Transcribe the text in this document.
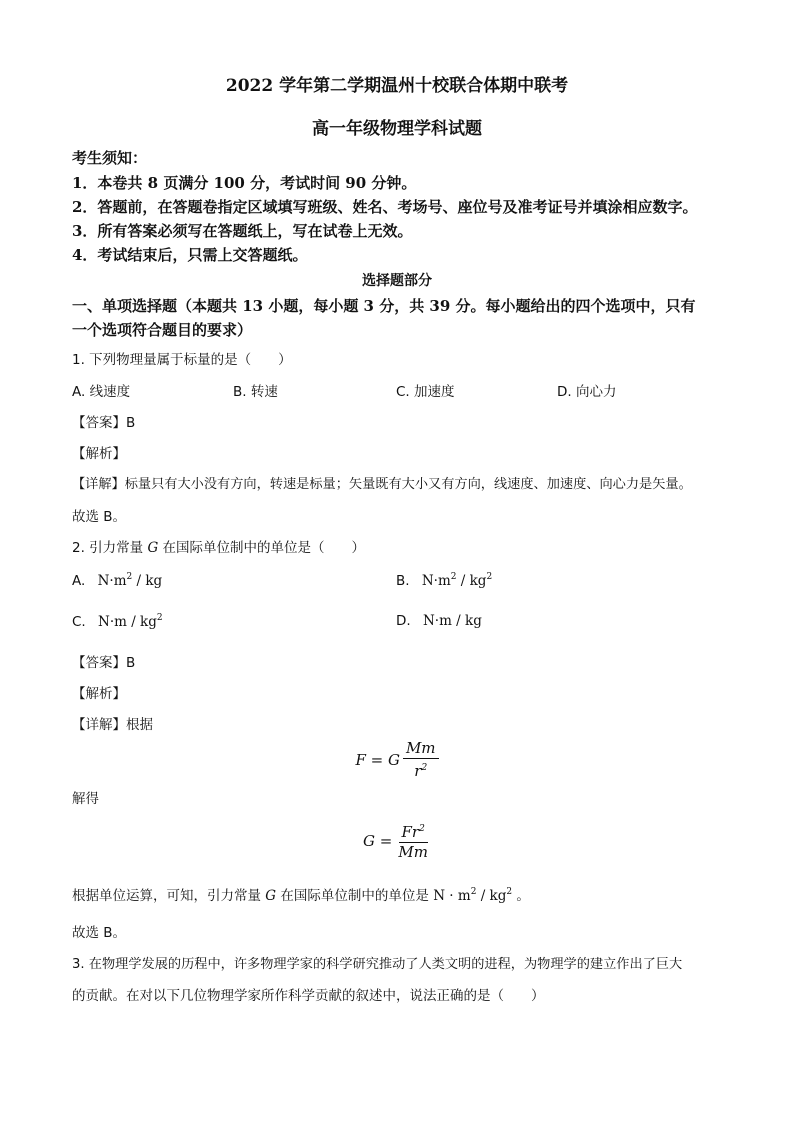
2022 学年第二学期温州十校联合体期中联考
高一年级物理学科试题
考生须知：
1．本卷共 8 页满分 100 分，考试时间 90 分钟。
2．答题前，在答题卷指定区域填写班级、姓名、考场号、座位号及准考证号并填涂相应数字。
3．所有答案必须写在答题纸上，写在试卷上无效。
4．考试结束后，只需上交答题纸。
选择题部分
一、单项选择题（本题共 13 小题，每小题 3 分，共 39 分。每小题给出的四个选项中，只有
一个选项符合题目的要求）
1. 下列物理量属于标量的是（　　）
A. 线速度	B. 转速	C. 加速度	D. 向心力
【答案】B
【解析】
【详解】标量只有大小没有方向，转速是标量；矢量既有大小又有方向，线速度、加速度、向心力是矢量。
故选 B。
2. 引力常量 G 在国际单位制中的单位是（　　）
A. $N\cdot m^2$ / kg	B. $N\cdot m^2 / kg^2$
C. $N\cdot m / kg^2$	D. N·m / kg
【答案】B
【解析】
【详解】根据
F = G $\frac{Mm}{r^2}$
解得
$G = \frac{Fr^2}{Mm}$
根据单位运算，可知，引力常量 G 在国际单位制中的单位是 $N \cdot m^2 / kg^2$ 。
故选 B。
3. 在物理学发展的历程中，许多物理学家的科学研究推动了人类文明的进程，为物理学的建立作出了巨大
的贡献。在对以下几位物理学家所作科学贡献的叙述中，说法正确的是（　　）
